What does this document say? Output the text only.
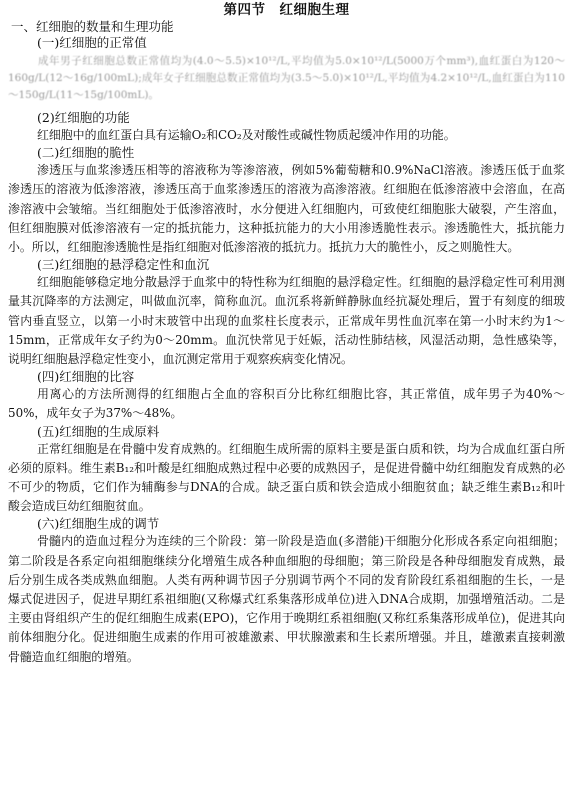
第四节　红细胞生理
一、红细胞的数量和生理功能
(一)红细胞的正常值

成年男子红细胞总数正常值均为(4.0～5.5)×10¹²/L,平均值为5.0×10¹²/L(5000万个mm³),血红蛋白为120～160g/L(12～16g/100mL);成年女子红细胞总数正常值均为(3.5～5.0)×10¹²/L,平均值为4.2×10¹²/L,血红蛋白为110～150g/L(11～15g/100mL)。

(2)红细胞的功能

红细胞中的血红蛋白具有运输O₂和CO₂及对酸性或碱性物质起缓冲作用的功能。

(二)红细胞的脆性

渗透压与血浆渗透压相等的溶液称为等渗溶液，例如5%葡萄糖和0.9%NaCl溶液。渗透压低于血浆渗透压的溶液为低渗溶液，渗透压高于血浆渗透压的溶液为高渗溶液。红细胞在低渗溶液中会溶血，在高渗溶液中会皱缩。当红细胞处于低渗溶液时，水分便进入红细胞内，可致使红细胞胀大破裂，产生溶血，但红细胞膜对低渗溶液有一定的抵抗能力，这种抵抗能力的大小用渗透脆性表示。渗透脆性大，抵抗能力小。所以，红细胞渗透脆性是指红细胞对低渗溶液的抵抗力。抵抗力大的脆性小，反之则脆性大。

(三)红细胞的悬浮稳定性和血沉

红细胞能够稳定地分散悬浮于血浆中的特性称为红细胞的悬浮稳定性。红细胞的悬浮稳定性可利用测量其沉降率的方法测定，叫做血沉率，简称血沉。血沉系将新鲜静脉血经抗凝处理后，置于有刻度的细玻管内垂直竖立，以第一小时末玻管中出现的血浆柱长度表示，正常成年男性血沉率在第一小时末约为1～15mm，正常成年女子约为0～20mm。血沉快常见于妊娠，活动性肺结核，风湿活动期，急性感染等，说明红细胞悬浮稳定性变小，血沉测定常用于观察疾病变化情况。

(四)红细胞的比容

用离心的方法所测得的红细胞占全血的容积百分比称红细胞比容，其正常值，成年男子为40%～50%，成年女子为37%～48%。

(五)红细胞的生成原料

正常红细胞是在骨髓中发育成熟的。红细胞生成所需的原料主要是蛋白质和铁，均为合成血红蛋白所必须的原料。维生素B₁₂和叶酸是红细胞成熟过程中必要的成熟因子，是促进骨髓中幼红细胞发育成熟的必不可少的物质，它们作为辅酶参与DNA的合成。缺乏蛋白质和铁会造成小细胞贫血；缺乏维生素B₁₂和叶酸会造成巨幼红细胞贫血。

(六)红细胞生成的调节

骨髓内的造血过程分为连续的三个阶段：第一阶段是造血(多潜能)干细胞分化形成各系定向祖细胞；第二阶段是各系定向祖细胞继续分化增殖生成各种血细胞的母细胞；第三阶段是各种母细胞发育成熟，最后分别生成各类成熟血细胞。人类有两种调节因子分别调节两个不同的发育阶段红系祖细胞的生长，一是爆式促进因子，促进早期红系祖细胞(又称爆式红系集落形成单位)进入DNA合成期，加强增殖活动。二是主要由肾组织产生的促红细胞生成素(EPO)，它作用于晚期红系祖细胞(又称红系集落形成单位)，促进其向前体细胞分化。促进细胞生成素的作用可被雄激素、甲状腺激素和生长素所增强。并且，雄激素直接刺激骨髓造血红细胞的增殖。
